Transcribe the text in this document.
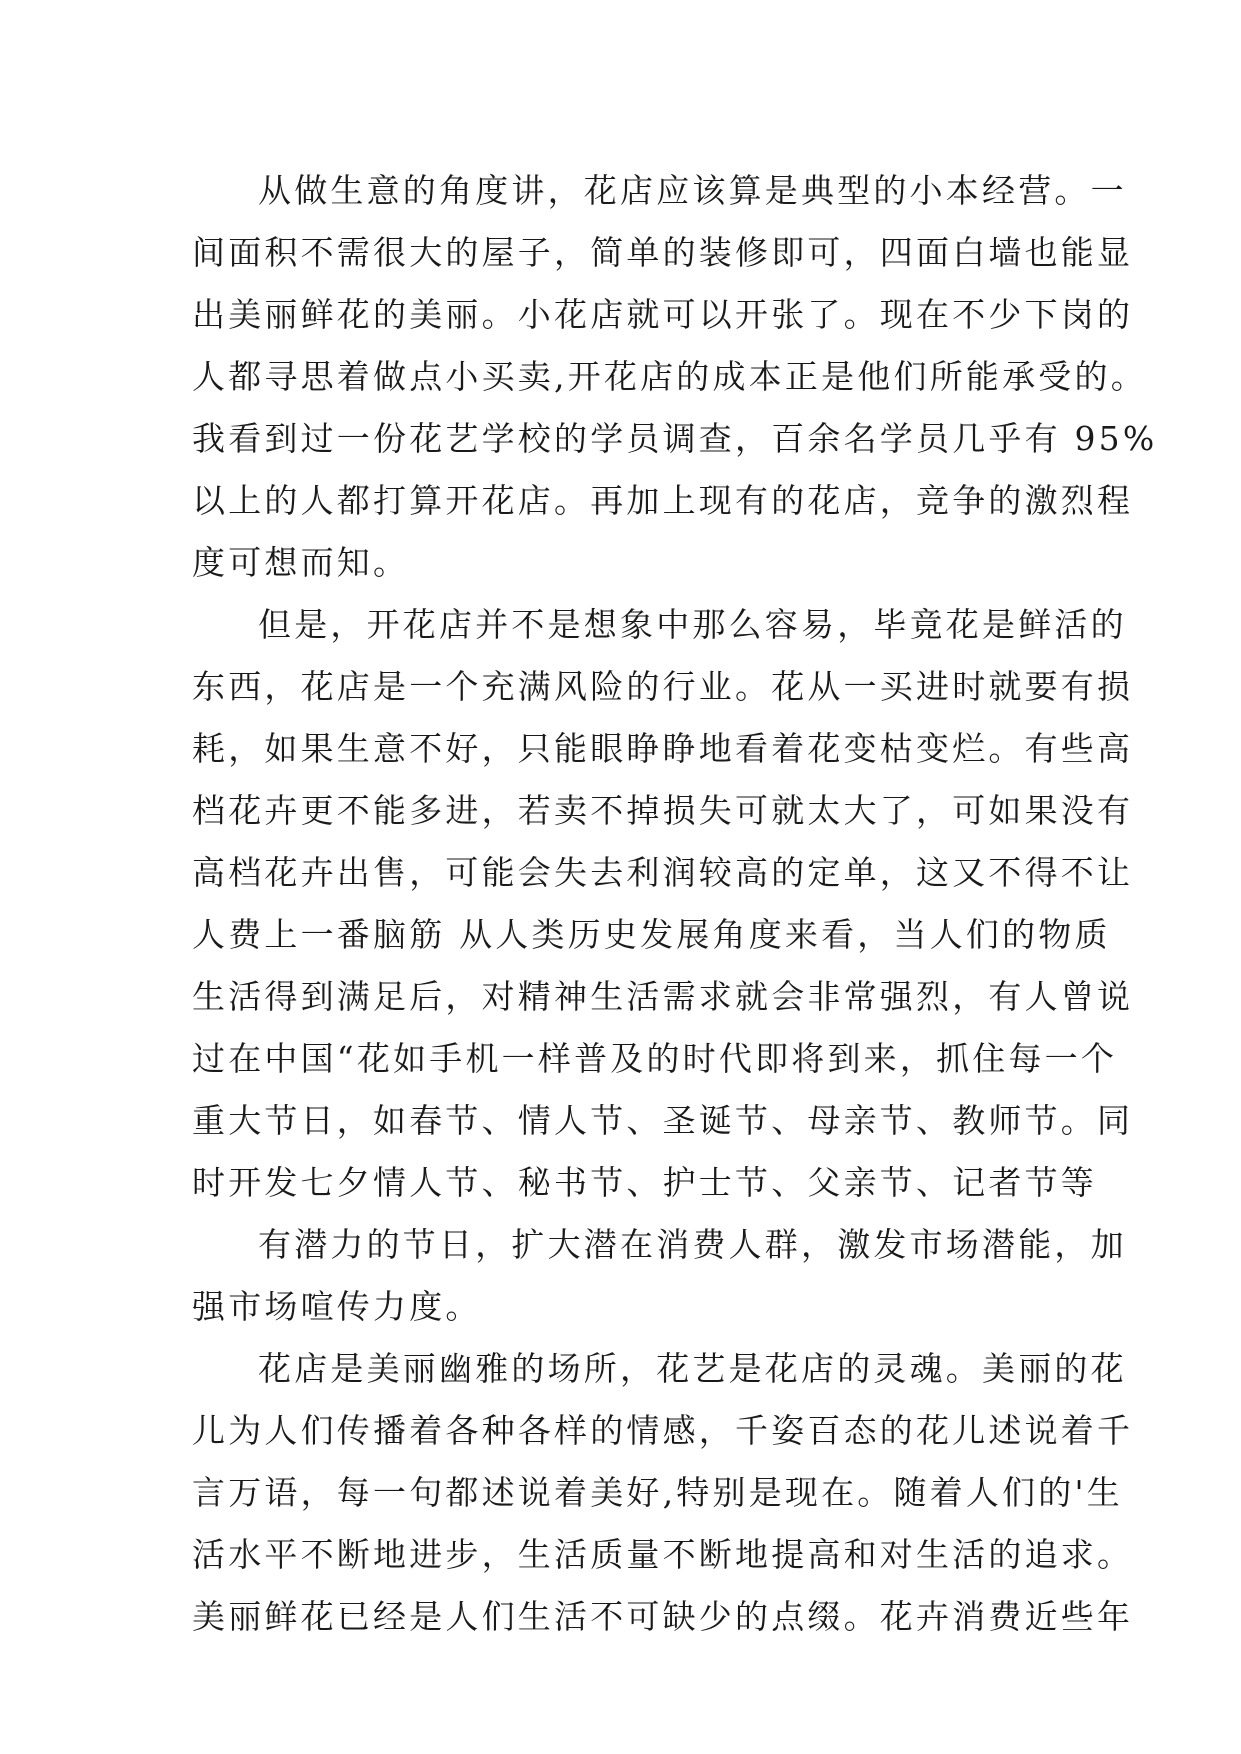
从做生意的角度讲，花店应该算是典型的小本经营。一
间面积不需很大的屋子，简单的装修即可，四面白墙也能显
出美丽鲜花的美丽。小花店就可以开张了。现在不少下岗的
人都寻思着做点小买卖,开花店的成本正是他们所能承受的。
我看到过一份花艺学校的学员调查，百余名学员几乎有 95%
以上的人都打算开花店。再加上现有的花店，竞争的激烈程
度可想而知。
但是，开花店并不是想象中那么容易，毕竟花是鲜活的
东西，花店是一个充满风险的行业。花从一买进时就要有损
耗，如果生意不好，只能眼睁睁地看着花变枯变烂。有些高
档花卉更不能多进，若卖不掉损失可就太大了，可如果没有
高档花卉出售，可能会失去利润较高的定单，这又不得不让
人费上一番脑筋 从人类历史发展角度来看，当人们的物质
生活得到满足后，对精神生活需求就会非常强烈，有人曾说
过在中国“花如手机一样普及的时代即将到来，抓住每一个
重大节日，如春节、情人节、圣诞节、母亲节、教师节。同
时开发七夕情人节、秘书节、护士节、父亲节、记者节等
有潜力的节日，扩大潜在消费人群，激发市场潜能，加
强市场喧传力度。
花店是美丽幽雅的场所，花艺是花店的灵魂。美丽的花
儿为人们传播着各种各样的情感，千姿百态的花儿述说着千
言万语，每一句都述说着美好,特别是现在。随着人们的'生
活水平不断地进步，生活质量不断地提高和对生活的追求。
美丽鲜花已经是人们生活不可缺少的点缀。花卉消费近些年
